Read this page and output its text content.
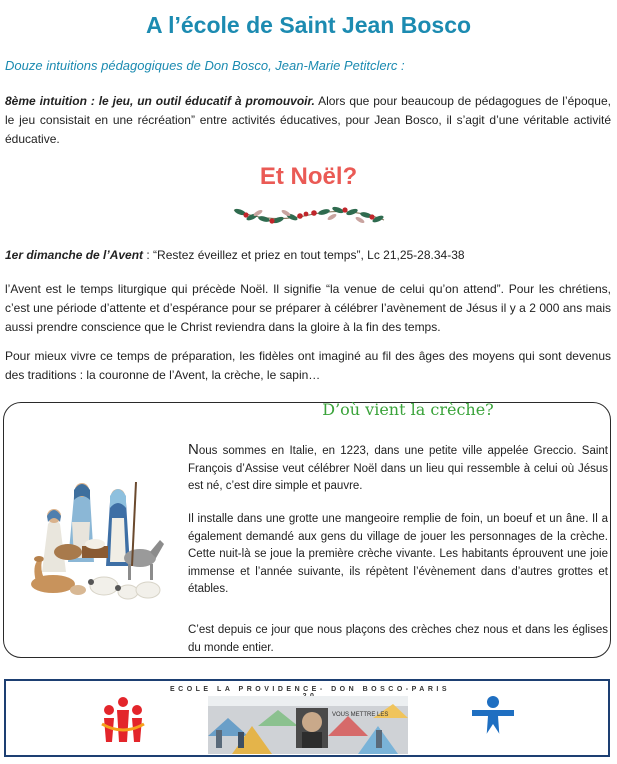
A l’école de Saint Jean Bosco
Douze intuitions pédagogiques de Don Bosco, Jean-Marie Petitclerc :
8ème intuition : le jeu, un outil éducatif à promouvoir. Alors que pour beaucoup de pédagogues de l’époque, le jeu consistait en une récréation” entre activités éducatives, pour Jean Bosco, il s’agit d’une véritable activité éducative.
Et Noël?
1er dimanche de l’Avent : “Restez éveillez et priez en tout temps”, Lc 21,25-28.34-38
l’Avent est le temps liturgique qui précède Noël. Il signifie “la venue de celui qu’on attend”. Pour les chrétiens, c’est une période d’attente et d’espérance pour se préparer à célébrer l’avènement de Jésus il y a 2 000 ans mais aussi prendre conscience que le Christ reviendra dans la gloire à la fin des temps.
Pour mieux vivre ce temps de préparation, les fidèles ont imaginé au fil des âges des moyens qui sont devenus des traditions : la couronne de l’Avent, la crèche, le sapin…
D’où vient la crèche?
Nous sommes en Italie, en 1223, dans une petite ville appelée Greccio. Saint François d’Assise veut célébrer Noël dans un lieu qui ressemble à celui où Jésus est né, c’est dire simple et pauvre.
Il installe dans une grotte une mangeoire remplie de foin, un boeuf et un âne. Il a également demandé aux gens du village de jouer les personnages de la crèche. Cette nuit-là se joue la première crèche vivante. Les habitants éprouvent une joie immense et l’année suivante, ils répètent l’évènement dans d’autres grottes et étables.
C’est depuis ce jour que nous plaçons des crèches chez nous et dans les églises du monde entier.
ECOLE LA PROVIDENCE- DON BOSCO-PARIS
VOUS METTRE LES
